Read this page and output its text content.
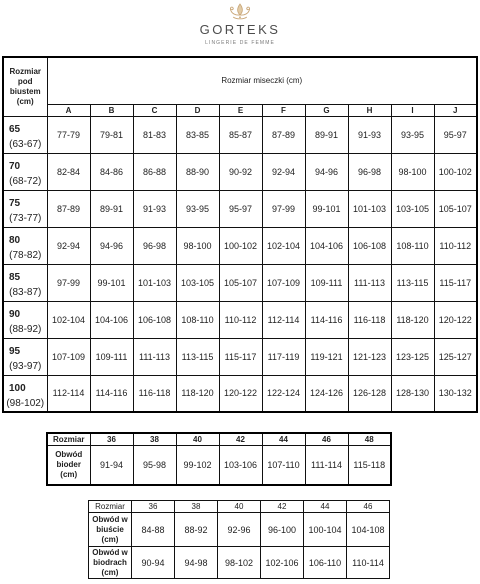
GORTEKS
LINGERIE DE FEMME
Rozmiar pod biustem (cm)	Rozmiar miseczki (cm)									
	A	B	C	D	E	F	G	H	I	J

65
(63-67)	77-79	79-81	81-83	83-85	85-87	87-89	89-91	91-93	93-95	95-97

70
(68-72)	82-84	84-86	86-88	88-90	90-92	92-94	94-96	96-98	98-100	100-102

75
(73-77)	87-89	89-91	91-93	93-95	95-97	97-99	99-101	101-103	103-105	105-107

80
(78-82)	92-94	94-96	96-98	98-100	100-102	102-104	104-106	106-108	108-110	110-112

85
(83-87)	97-99	99-101	101-103	103-105	105-107	107-109	109-111	111-113	113-115	115-117

90
(88-92)	102-104	104-106	106-108	108-110	110-112	112-114	114-116	116-118	118-120	120-122

95
(93-97)	107-109	109-111	111-113	113-115	115-117	117-119	119-121	121-123	123-125	125-127

100
(98-102)	112-114	114-116	116-118	118-120	120-122	122-124	124-126	126-128	128-130	130-132
Rozmiar	36	38	40	42	44	46	48
Obwód bioder (cm)	91-94	95-98	99-102	103-106	107-110	111-114	115-118
Rozmiar	36	38	40	42	44	46
Obwód w biuście (cm)	84-88	88-92	92-96	96-100	100-104	104-108
Obwód w biodrach (cm)	90-94	94-98	98-102	102-106	106-110	110-114
